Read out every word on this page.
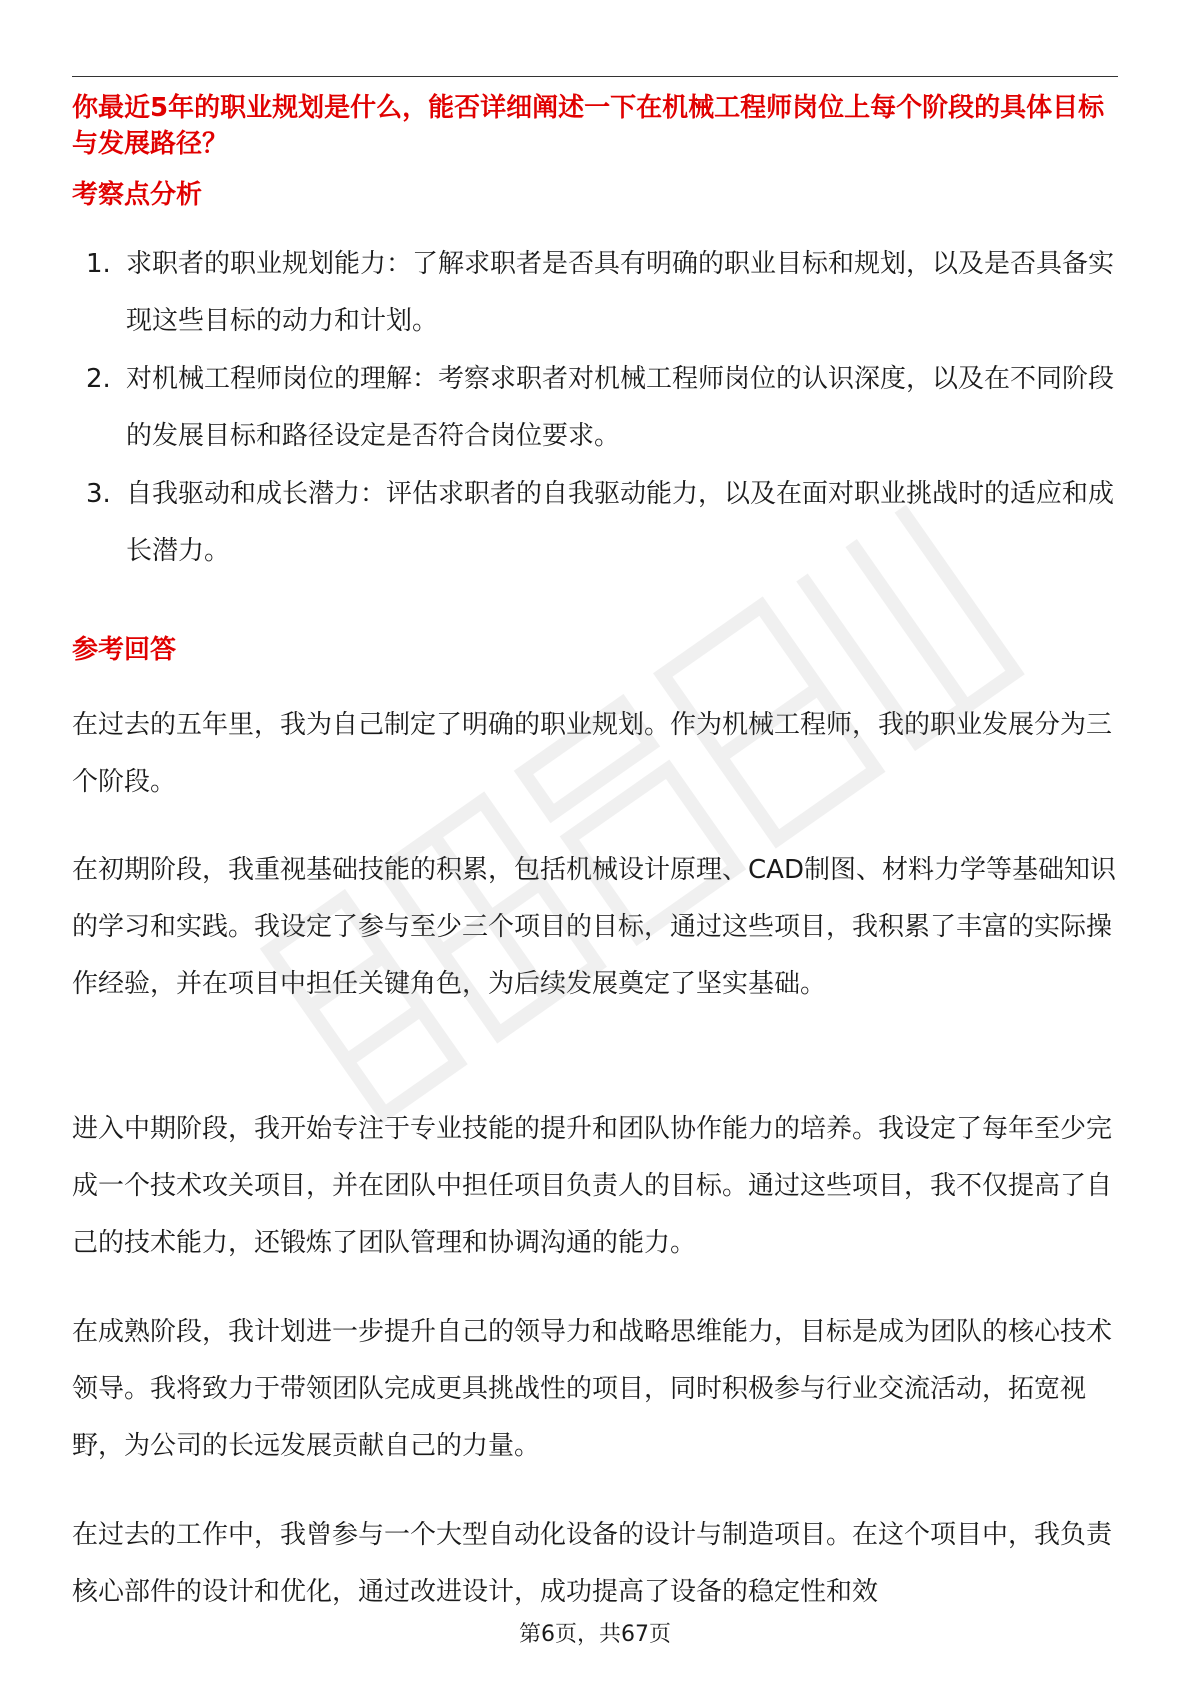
你最近5年的职业规划是什么，能否详细阐述一下在机械工程师岗位上每个阶段的具体目标与发展路径？
考察点分析
1. 求职者的职业规划能力：了解求职者是否具有明确的职业目标和规划，以及是否具备实现这些目标的动力和计划。
2. 对机械工程师岗位的理解：考察求职者对机械工程师岗位的认识深度，以及在不同阶段的发展目标和路径设定是否符合岗位要求。
3. 自我驱动和成长潜力：评估求职者的自我驱动能力，以及在面对职业挑战时的适应和成长潜力。
参考回答

在过去的五年里，我为自己制定了明确的职业规划。作为机械工程师，我的职业发展分为三个阶段。

在初期阶段，我重视基础技能的积累，包括机械设计原理、CAD制图、材料力学等基础知识的学习和实践。我设定了参与至少三个项目的目标，通过这些项目，我积累了丰富的实际操作经验，并在项目中担任关键角色，为后续发展奠定了坚实基础。

进入中期阶段，我开始专注于专业技能的提升和团队协作能力的培养。我设定了每年至少完成一个技术攻关项目，并在团队中担任项目负责人的目标。通过这些项目，我不仅提高了自己的技术能力，还锻炼了团队管理和协调沟通的能力。

在成熟阶段，我计划进一步提升自己的领导力和战略思维能力，目标是成为团队的核心技术领导。我将致力于带领团队完成更具挑战性的项目，同时积极参与行业交流活动，拓宽视野，为公司的长远发展贡献自己的力量。

在过去的工作中，我曾参与一个大型自动化设备的设计与制造项目。在这个项目中，我负责核心部件的设计和优化，通过改进设计，成功提高了设备的稳定性和效

第6页，共67页
